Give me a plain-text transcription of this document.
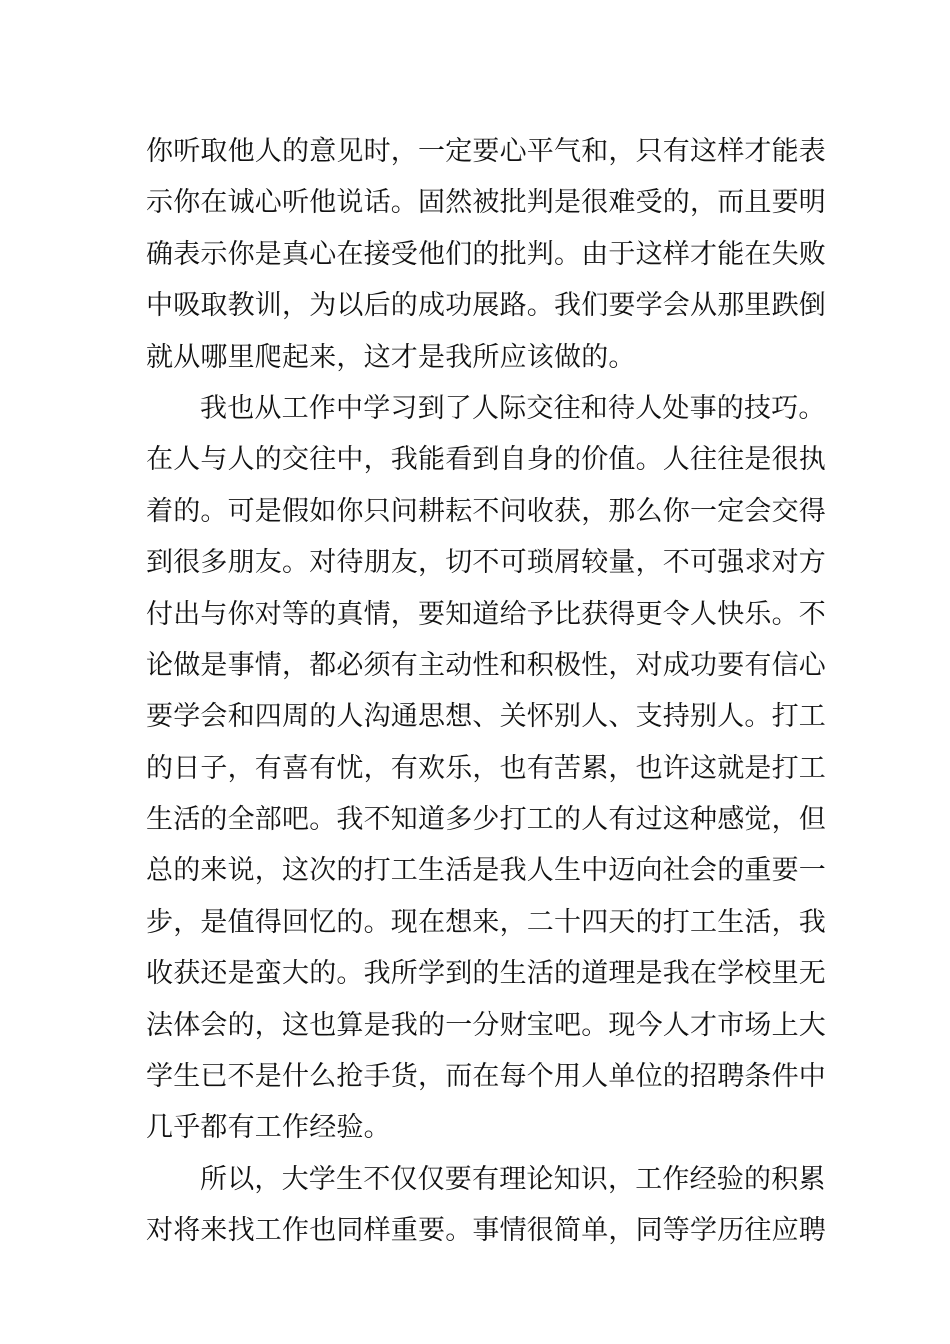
你听取他人的意见时，一定要心平气和，只有这样才能表
示你在诚心听他说话。固然被批判是很难受的，而且要明
确表示你是真心在接受他们的批判。由于这样才能在失败
中吸取教训，为以后的成功展路。我们要学会从那里跌倒
就从哪里爬起来，这才是我所应该做的。
我也从工作中学习到了人际交往和待人处事的技巧。
在人与人的交往中，我能看到自身的价值。人往往是很执
着的。可是假如你只问耕耘不问收获，那么你一定会交得
到很多朋友。对待朋友，切不可琐屑较量，不可强求对方
付出与你对等的真情，要知道给予比获得更令人快乐。不
论做是事情，都必须有主动性和积极性，对成功要有信心
要学会和四周的人沟通思想、关怀别人、支持别人。打工
的日子，有喜有忧，有欢乐，也有苦累，也许这就是打工
生活的全部吧。我不知道多少打工的人有过这种感觉，但
总的来说，这次的打工生活是我人生中迈向社会的重要一
步，是值得回忆的。现在想来，二十四天的打工生活，我
收获还是蛮大的。我所学到的生活的道理是我在学校里无
法体会的，这也算是我的一分财宝吧。现今人才市场上大
学生已不是什么抢手货，而在每个用人单位的招聘条件中
几乎都有工作经验。
所以，大学生不仅仅要有理论知识，工作经验的积累
对将来找工作也同样重要。事情很简单，同等学历往应聘
